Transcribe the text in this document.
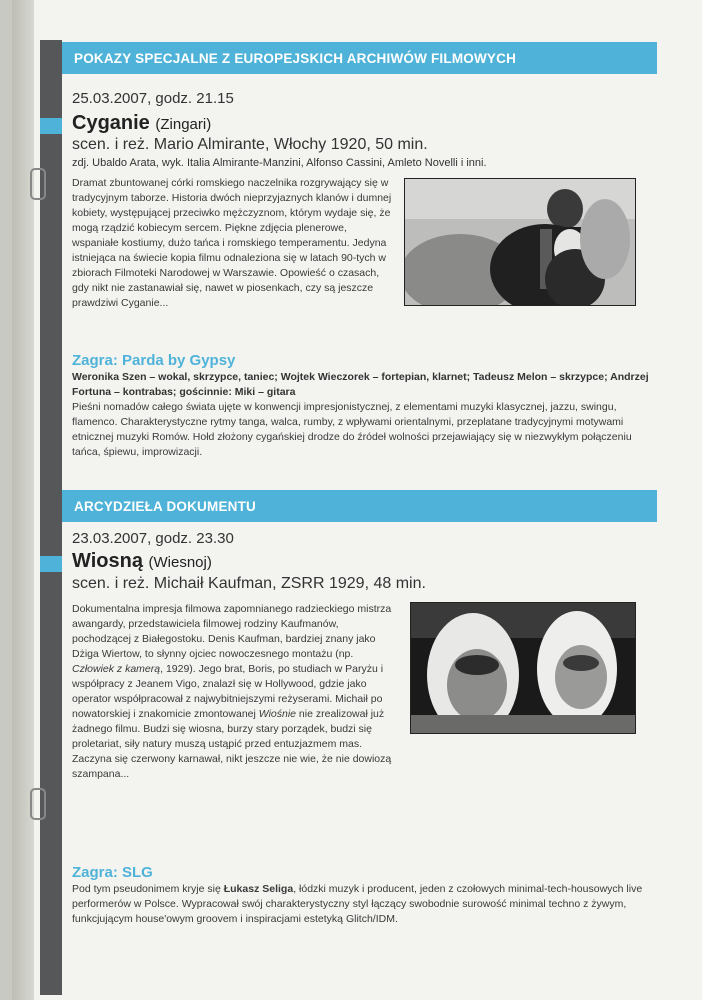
POKAZY SPECJALNE Z EUROPEJSKICH ARCHIWÓW FILMOWYCH
25.03.2007, godz. 21.15
Cyganie (Zingari)
scen. i reż. Mario Almirante, Włochy 1920, 50 min.
zdj. Ubaldo Arata, wyk. Italia Almirante-Manzini, Alfonso Cassini, Amleto Novelli i inni.

Dramat zbuntowanej córki romskiego naczelnika rozgrywający się w tradycyjnym taborze. Historia dwóch nieprzyjaznych klanów i dumnej kobiety, występującej przeciwko mężczyznom, którym wydaje się, że mogą rządzić kobiecym sercem. Piękne zdjęcia plenerowe, wspaniałe kostiumy, dużo tańca i romskiego temperamentu. Jedyna istniejąca na świecie kopia filmu odnaleziona się w latach 90-tych w zbiorach Filmoteki Narodowej w Warszawie. Opowieść o czasach, gdy nikt nie zastanawiał się, nawet w piosenkach, czy są jeszcze prawdziwi Cyganie...

Zagra: Parda by Gypsy
Weronika Szen – wokal, skrzypce, taniec; Wojtek Wieczorek – fortepian, klarnet; Tadeusz Melon – skrzypce; Andrzej Fortuna – kontrabas; gościnnie: Miki – gitara

Pieśni nomadów całego świata ujęte w konwencji impresjonistycznej, z elementami muzyki klasycznej, jazzu, swingu, flamenco. Charakterystyczne rytmy tanga, walca, rumby, z wpływami orientalnymi, przeplatane tradycyjnymi motywami etnicznej muzyki Romów. Hołd złożony cygańskiej drodze do źródeł wolności przejawiający się w niezwykłym połączeniu tańca, śpiewu, improwizacji.

ARCYDZIEŁA DOKUMENTU
23.03.2007, godz. 23.30
Wiosną (Wiesnoj)
scen. i reż. Michaił Kaufman, ZSRR 1929, 48 min.

Dokumentalna impresja filmowa zapomnianego radzieckiego mistrza awangardy, przedstawiciela filmowej rodziny Kaufmanów, pochodzącej z Białegostoku. Denis Kaufman, bardziej znany jako Dżiga Wiertow, to słynny ojciec nowoczesnego montażu (np. Człowiek z kamerą, 1929). Jego brat, Boris, po studiach w Paryżu i współpracy z Jeanem Vigo, znalazł się w Hollywood, gdzie jako operator współpracował z najwybitniejszymi reżyserami. Michaił po nowatorskiej i znakomicie zmontowanej Wiośnie nie zrealizował już żadnego filmu. Budzi się wiosna, burzy stary porządek, budzi się proletariat, siły natury muszą ustąpić przed entuzjazmem mas. Zaczyna się czerwony karnawał, nikt jeszcze nie wie, że nie dowiozą szampana...

Zagra: SLG

Pod tym pseudonimem kryje się Łukasz Seliga, łódzki muzyk i producent, jeden z czołowych minimal-tech-housowych live performerów w Polsce. Wypracował swój charakterystyczny styl łączący swobodnie surowość minimal techno z żywym, funkcjującym house'owym groovem i inspiracjami estetyką Glitch/IDM.
